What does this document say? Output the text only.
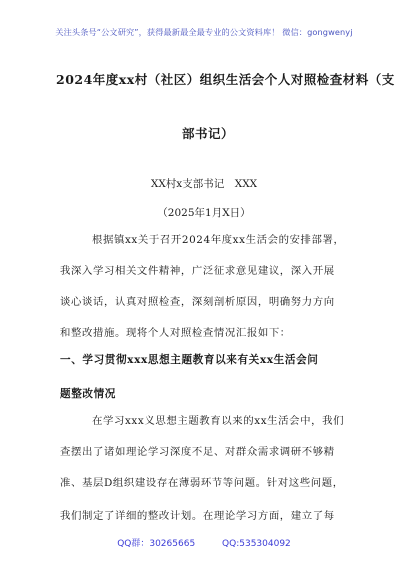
关注头条号“公文研究”，获得最新最全最专业的公文资料库！ 微信：gongwenyj
2024年度xx村（社区）组织生活会个人对照检查材料（支
部书记）
XX村x支部书记　XXX
（2025年1月X日）
根据镇xx关于召开2024年度xx生活会的安排部署，
我深入学习相关文件精神，广泛征求意见建议，深入开展
谈心谈话，认真对照检查，深刻剖析原因，明确努力方向
和整改措施。现将个人对照检查情况汇报如下：
一、学习贯彻xxx思想主题教育以来有关xx生活会问
题整改情况
在学习xxx义思想主题教育以来的xx生活会中，我们
查摆出了诸如理论学习深度不足、对群众需求调研不够精
准、基层D组织建设存在薄弱环节等问题。针对这些问题，
我们制定了详细的整改计划。在理论学习方面，建立了每
QQ群：30265665	QQ:535304092
